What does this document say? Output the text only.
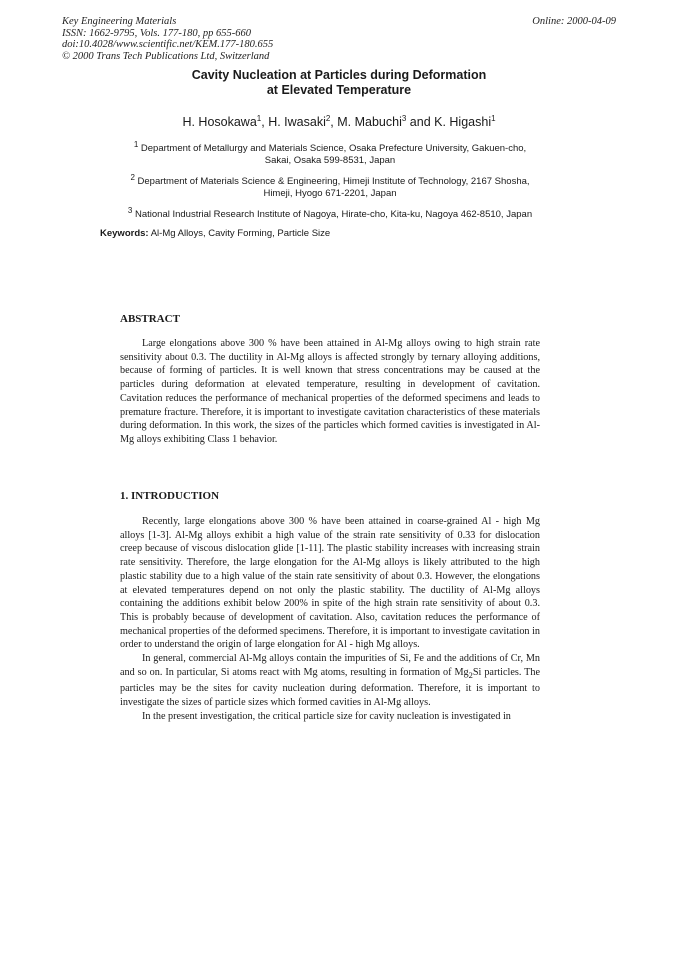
Key Engineering Materials
ISSN: 1662-9795, Vols. 177-180, pp 655-660
doi:10.4028/www.scientific.net/KEM.177-180.655
© 2000 Trans Tech Publications Ltd, Switzerland
Online: 2000-04-09
Cavity Nucleation at Particles during Deformation
at Elevated Temperature
H. Hosokawa$^1$, H. Iwasaki$^2$, M. Mabuchi$^3$ and K. Higashi$^1$
$^1$ Department of Metallurgy and Materials Science, Osaka Prefecture University, Gakuen-cho,
Sakai, Osaka 599-8531, Japan
$^2$ Department of Materials Science & Engineering, Himeji Institute of Technology, 2167 Shosha,
Himeji, Hyogo 671-2201, Japan
$^3$ National Industrial Research Institute of Nagoya, Hirate-cho, Kita-ku, Nagoya 462-8510, Japan
Keywords: Al-Mg Alloys, Cavity Forming, Particle Size
ABSTRACT

Large elongations above 300 % have been attained in Al-Mg alloys owing to high strain rate sensitivity about 0.3. The ductility in Al-Mg alloys is affected strongly by ternary alloying additions, because of forming of particles. It is well known that stress concentrations may be caused at the particles during deformation at elevated temperature, resulting in development of cavitation. Cavitation reduces the performance of mechanical properties of the deformed specimens and leads to premature fracture. Therefore, it is important to investigate cavitation characteristics of these materials during deformation. In this work, the sizes of the particles which formed cavities is investigated in Al-Mg alloys exhibiting Class 1 behavior.

1. INTRODUCTION

Recently, large elongations above 300 % have been attained in coarse-grained Al - high Mg alloys [1-3]. Al-Mg alloys exhibit a high value of the strain rate sensitivity of 0.33 for dislocation creep because of viscous dislocation glide [1-11]. The plastic stability increases with increasing strain rate sensitivity. Therefore, the large elongation for the Al-Mg alloys is likely attributed to the high plastic stability due to a high value of the stain rate sensitivity of about 0.3. However, the elongations at elevated temperatures depend on not only the plastic stability. The ductility of Al-Mg alloys containing the additions exhibit below 200% in spite of the high strain rate sensitivity of about 0.3. This is probably because of development of cavitation. Also, cavitation reduces the performance of mechanical properties of the deformed specimens. Therefore, it is important to investigate cavitation in order to understand the origin of large elongation for Al - high Mg alloys.

In general, commercial Al-Mg alloys contain the impurities of Si, Fe and the additions of Cr, Mn and so on. In particular, Si atoms react with Mg atoms, resulting in formation of $Mg_2Si$ particles. The particles may be the sites for cavity nucleation during deformation. Therefore, it is important to investigate the sizes of particle sizes which formed cavities in Al-Mg alloys.

In the present investigation, the critical particle size for cavity nucleation is investigated in
